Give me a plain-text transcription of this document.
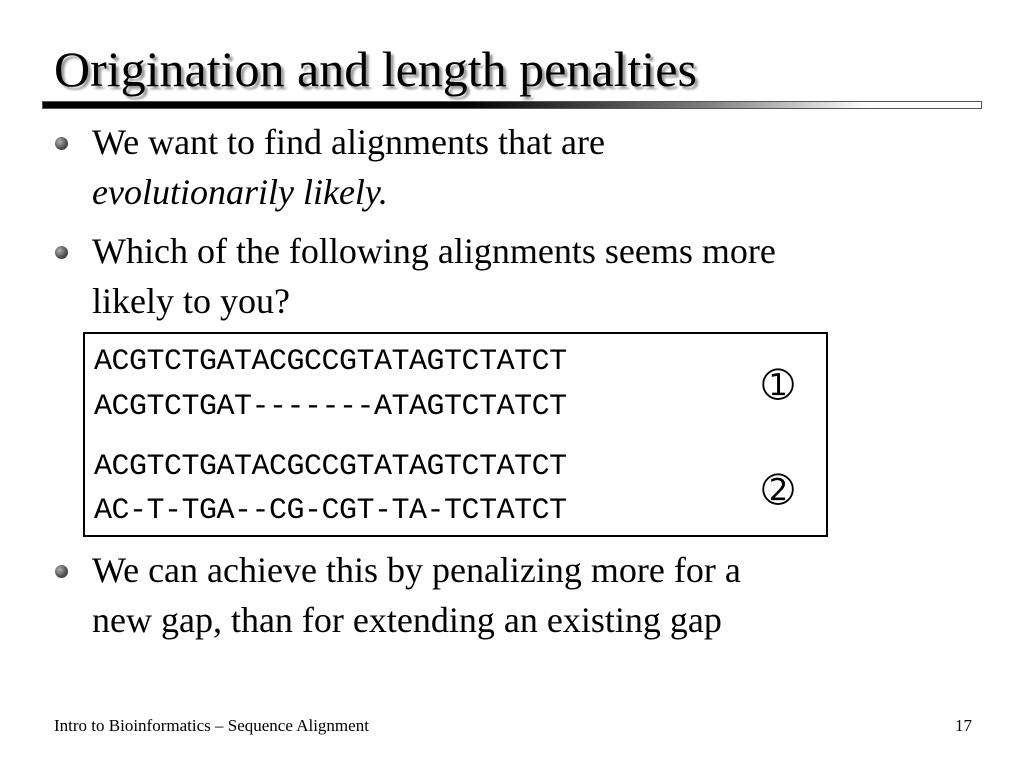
Origination and length penalties
We want to find alignments that are
evolutionarily likely.
Which of the following alignments seems more
likely to you?
ACGTCTGATACGCCGTATAGTCTATCT
ACGTCTGAT-------ATAGTCTATCT	➀
ACGTCTGATACGCCGTATAGTCTATCT
AC-T-TGA--CG-CGT-TA-TCTATCT	➁
We can achieve this by penalizing more for a
new gap, than for extending an existing gap
Intro to Bioinformatics – Sequence Alignment	17
